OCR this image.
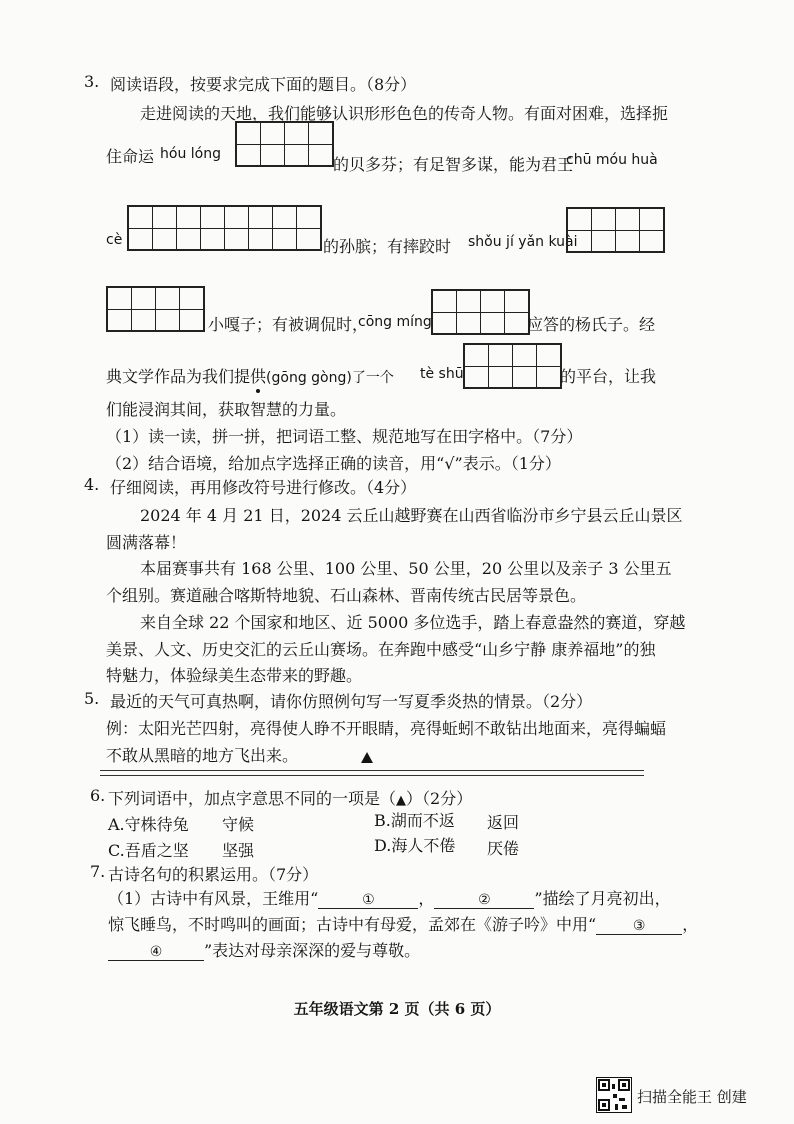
3. 阅读语段，按要求完成下面的题目。（8分）
走进阅读的天地，我们能够认识形形色色的传奇人物。有面对困难，选择扼
住命运 hóu lóng
的贝多芬；有足智多谋，能为君王
chū móu huà
cè	的孙膑；有摔跤时 shǒu jí yǎn kuài
小嘎子；有被调侃时，
cōng míng	应答的杨氏子。经
典文学作品为我们提供(gōng gòng)了一个 tè shū	的平台，让我
们能浸润其间，获取智慧的力量。
（1）读一读，拼一拼，把词语工整、规范地写在田字格中。（7分）
（2）结合语境，给加点字选择正确的读音，用“√”表示。（1分）
4. 仔细阅读，再用修改符号进行修改。（4分）
2024 年 4 月 21 日，2024 云丘山越野赛在山西省临汾市乡宁县云丘山景区
圆满落幕！
本届赛事共有 168 公里、100 公里、50 公里，20 公里以及亲子 3 公里五
个组别。赛道融合喀斯特地貌、石山森林、晋南传统古民居等景色。
来自全球 22 个国家和地区、近 5000 多位选手，踏上春意盎然的赛道，穿越
美景、人文、历史交汇的云丘山赛场。在奔跑中感受“山乡宁静 康养福地”的独
特魅力，体验绿美生态带来的野趣。
5. 最近的天气可真热啊，请你仿照例句写一写夏季炎热的情景。（2分）
例：太阳光芒四射，亮得使人睁不开眼睛，亮得蚯蚓不敢钻出地面来，亮得蝙蝠
不敢从黑暗的地方飞出来。
6. 下列词语中，加点字意思不同的一项是（▲）（2分）
A.守株待兔 守候	B.湖而不返 返回
C.吾盾之坚 坚强	D.海人不倦 厌倦
7. 古诗名句的积累运用。（7分）
（1）古诗中有风景，王维用“	①	，	②	”描绘了月亮初出，
惊飞睡鸟，不时鸣叫的画面；古诗中有母爱，孟郊在《游子吟》中用“	③ ，
④	”表达对母亲深深的爱与尊敬。
五年级语文第 2 页（共 6 页）
扫描全能王 创建
